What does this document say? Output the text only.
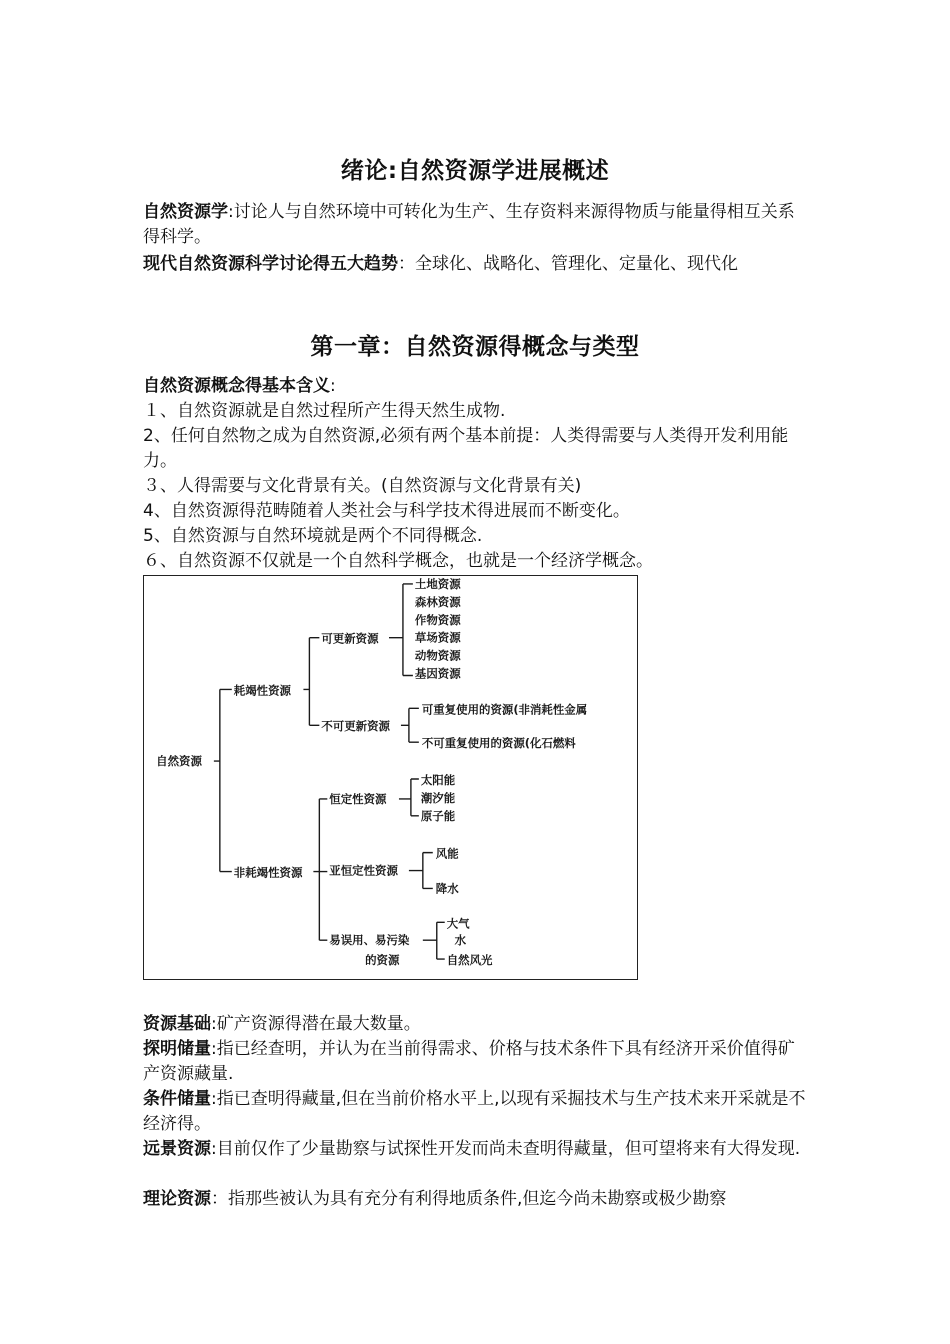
绪论:自然资源学进展概述
自然资源学:讨论人与自然环境中可转化为生产、生存资料来源得物质与能量得相互关系得科学。
现代自然资源科学讨论得五大趋势：全球化、战略化、管理化、定量化、现代化
第一章：自然资源得概念与类型
自然资源概念得基本含义:
１、自然资源就是自然过程所产生得天然生成物.
2、任何自然物之成为自然资源,必须有两个基本前提：人类得需要与人类得开发利用能力。
３、人得需要与文化背景有关。(自然资源与文化背景有关)
4、自然资源得范畴随着人类社会与科学技术得进展而不断变化。
5、自然资源与自然环境就是两个不同得概念.
６、自然资源不仅就是一个自然科学概念，也就是一个经济学概念。
自然资源
耗竭性资源
可更新资源
土地资源
森林资源
作物资源
草场资源
动物资源
基因资源
不可更新资源
可重复使用的资源(非消耗性金属
不可重复使用的资源(化石燃料
非耗竭性资源
恒定性资源
太阳能
潮汐能
原子能
亚恒定性资源
风能
降水
易误用、易污染
的资源
大气
水
自然风光
资源基础:矿产资源得潜在最大数量。
探明储量:指已经查明，并认为在当前得需求、价格与技术条件下具有经济开采价值得矿产资源藏量.
条件储量:指已查明得藏量,但在当前价格水平上,以现有采掘技术与生产技术来开采就是不经济得。
远景资源:目前仅作了少量勘察与试探性开发而尚未查明得藏量，但可望将来有大得发现.
理论资源：指那些被认为具有充分有利得地质条件,但迄今尚未勘察或极少勘察
